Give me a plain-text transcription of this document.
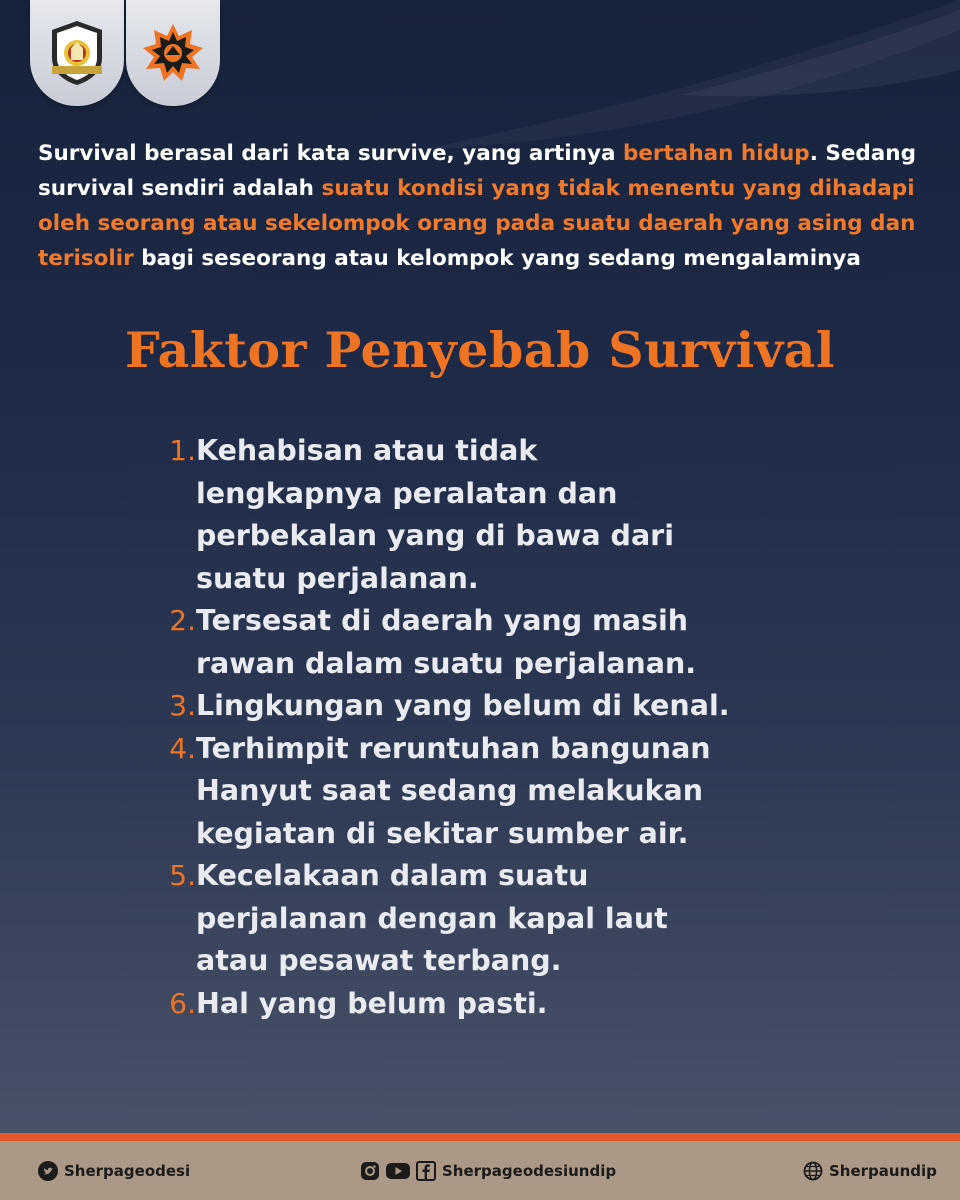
Survival berasal dari kata survive, yang artinya bertahan hidup. Sedang survival sendiri adalah suatu kondisi yang tidak menentu yang dihadapi oleh seorang atau sekelompok orang pada suatu daerah yang asing dan terisolir bagi seseorang atau kelompok yang sedang mengalaminya

Faktor Penyebab Survival
1. Kehabisan atau tidak
lengkapnya peralatan dan
perbekalan yang di bawa dari
suatu perjalanan.
2. Tersesat di daerah yang masih
rawan dalam suatu perjalanan.
3. Lingkungan yang belum di kenal.
4. Terhimpit reruntuhan bangunan
Hanyut saat sedang melakukan
kegiatan di sekitar sumber air.
5. Kecelakaan dalam suatu
perjalanan dengan kapal laut
atau pesawat terbang.
6. Hal yang belum pasti.
Sherpageodesi	Sherpageodesiundip	Sherpaundip
